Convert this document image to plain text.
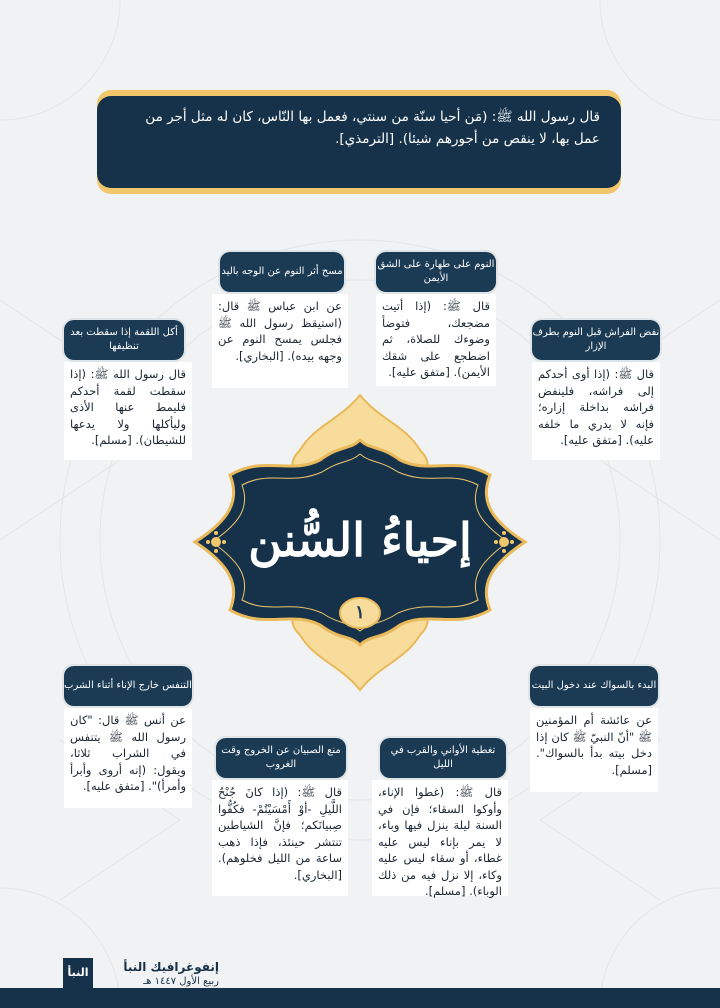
قال رسول الله ﷺ: (مَن أحيا سنّة من سنتي، فعمل بها النّاس، كان له مثل أجر من عمل بها، لا ينقص من أجورهم شيئا). [الترمذي].
النوم على طهارة على الشق الأيمن
قال ﷺ: (إذا أتيت مضجعك، فتوضأ وضوءك للصلاة، ثم اضطجع على شقك الأيمن). [متفق عليه].
مسح أثر النوم عن الوجه باليد
عن ابن عباس ﷺ قال: (استيقظ رسول الله ﷺ فجلس يمسح النوم عن وجهه بيده). [البخاري].
نفض الفراش قبل النوم بطرف الإزار
قال ﷺ: (إذا أوى أحدكم إلى فراشه، فلينفض فراشه بداخلة إزاره؛ فإنه لا يدري ما خلفه عليه). [متفق عليه].
أكل اللقمة إذا سقطت بعد تنظيفها
قال رسول الله ﷺ: (إذا سقطت لقمة أحدكم فليمط عنها الأذى وليأكلها ولا يدعها للشيطان). [مسلم].
التنفس خارج الإناء أثناء الشرب
عن أنس ﷺ قال: "كان رسول الله ﷺ يتنفس في الشراب ثلاثا، ويقول: (إنه أروى وأبرأ وأمرأ)". [متفق عليه].
البدء بالسواك عند دخول البيت
عن عائشة أم المؤمنين ﷺ "أنّ النبيّ ﷺ كان إذا دخل بيته بدأ بالسواك". [مسلم].
منع الصبيان عن الخروج وقت الغروب
قال ﷺ: (إذا كانَ جُنْحُ اللَّيلِ -أوْ أَمْسَيْتُمْ- فكُفُّوا صِبيانَكم؛ فإنَّ الشياطين تنتشر حينئذ، فإذا ذهب ساعة من الليل فخلوهم). [البخاري].
تغطية الأواني والقرب في الليل
قال ﷺ: (غطوا الإناء، وأوكوا السقاء؛ فإن في السنة ليلة ينزل فيها وباء، لا يمر بإناء ليس عليه غطاء، أو سقاء ليس عليه وكاء، إلا نزل فيه من ذلك الوباء). [مسلم].
إحياءُ السُّنن
١
النبأ	إنفوغرافيك النبأ
ربيع الأول ١٤٤٧ هـ
